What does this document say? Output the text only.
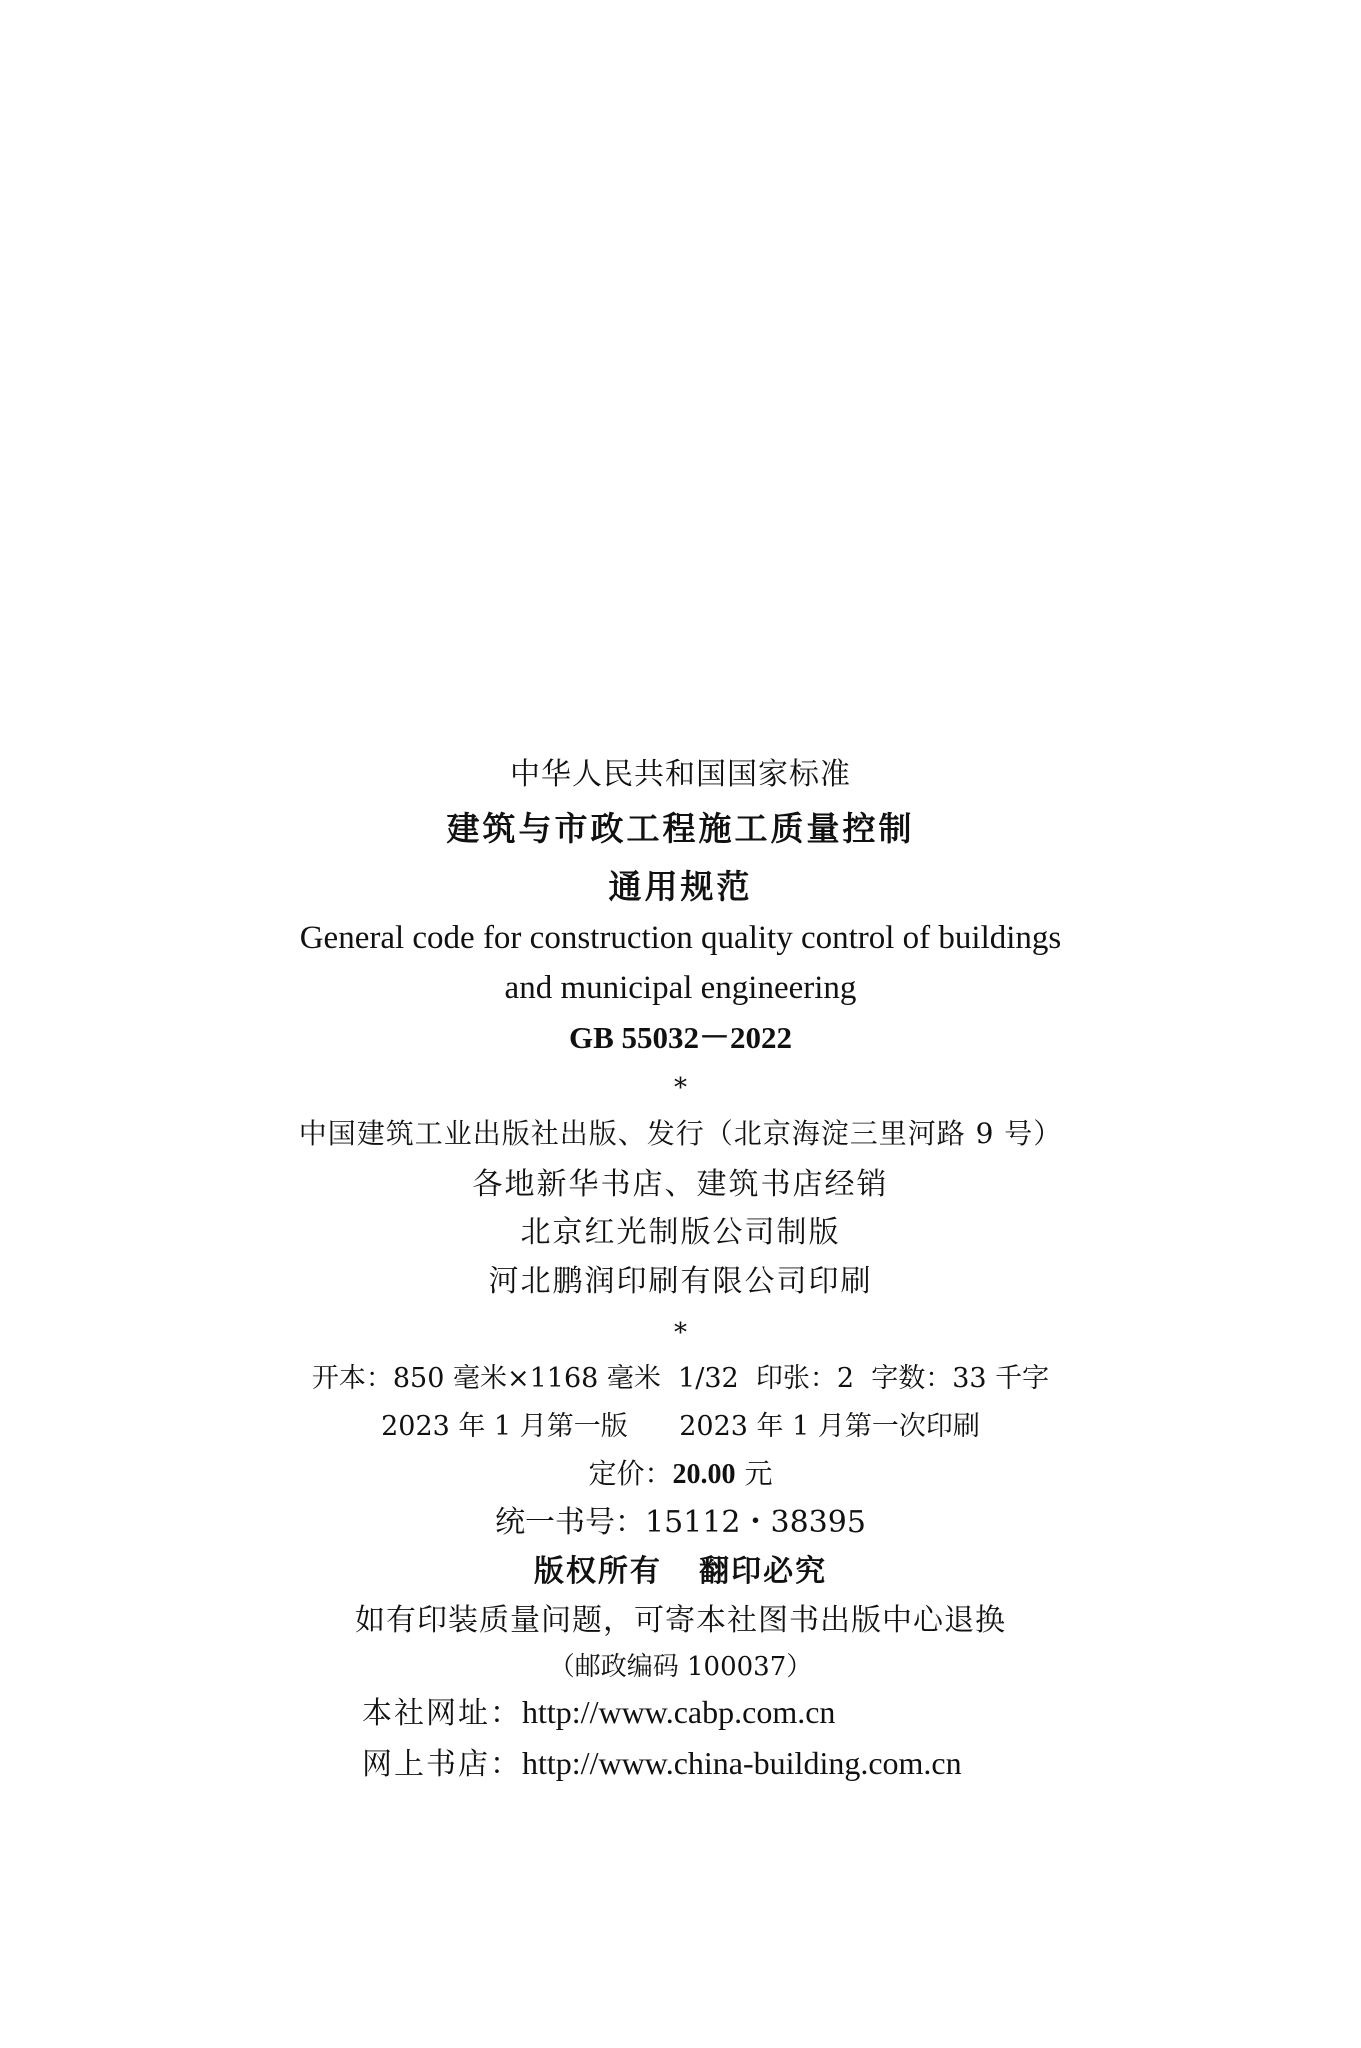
中华人民共和国国家标准
建筑与市政工程施工质量控制
通用规范
General code for construction quality control of buildings
and municipal engineering
GB 55032－2022
*
中国建筑工业出版社出版、发行（北京海淀三里河路 9 号）
各地新华书店、建筑书店经销
北京红光制版公司制版
河北鹏润印刷有限公司印刷
*
开本：850 毫米×1168 毫米  1/32  印张：2  字数：33 千字
2023 年 1 月第一版      2023 年 1 月第一次印刷
定价：20.00 元
统一书号：15112・38395
版权所有   翻印必究
如有印装质量问题，可寄本社图书出版中心退换
（邮政编码 100037）
本社网址：http://www.cabp.com.cn
网上书店：http://www.china-building.com.cn
